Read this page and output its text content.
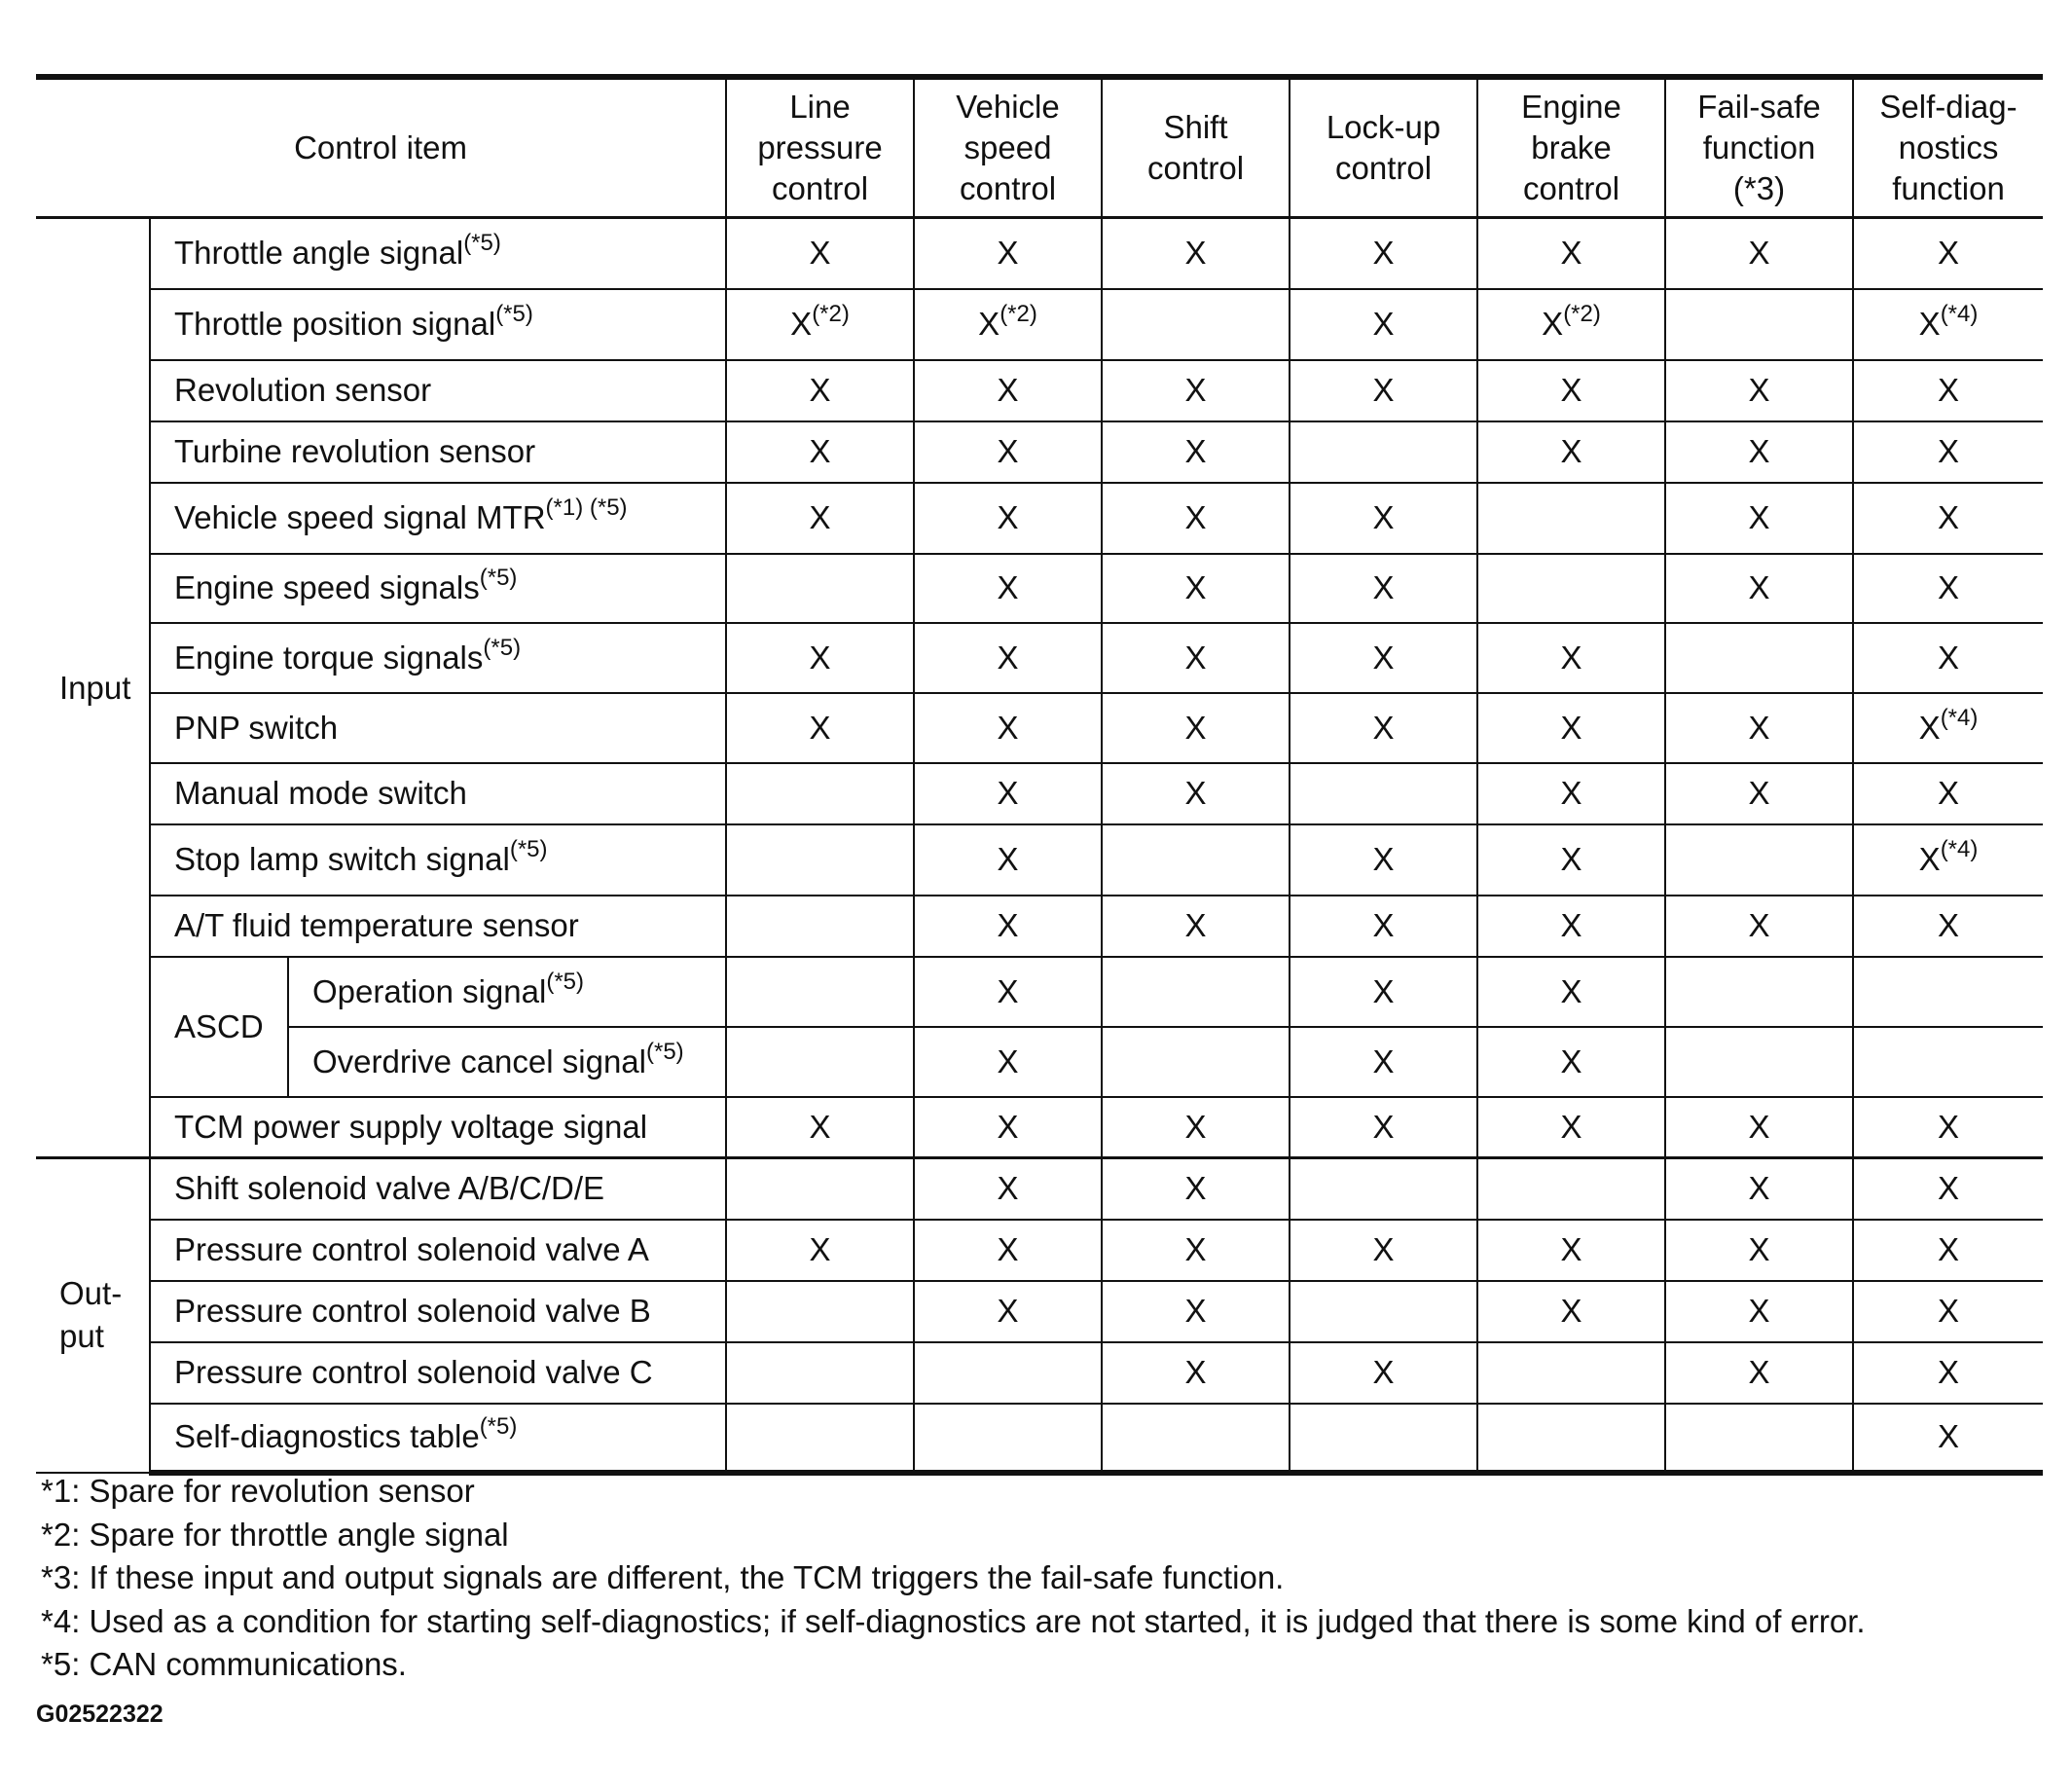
Control item			Line
pressure
control	Vehicle
speed
control	Shift
control	Lock-up
control	Engine
brake
control	Fail-safe
function
(*3)	Self-diag-
nostics
function
Input	Throttle angle signal$^{(*5)}$		X	X	X	X	X	X	X
	Throttle position signal$^{(*5)}$		$X^{(*2)}$	$X^{(*2)}$		X	$X^{(*2)}$		$X^{(*4)}$
	Revolution sensor		X	X	X	X	X	X	X
	Turbine revolution sensor		X	X	X		X	X	X
	Vehicle speed signal $MTR^{(*1) (*5)}$		X	X	X	X		X	X
	Engine speed signals$^{(*5)}$			X	X	X		X	X
	Engine torque signals$^{(*5)}$		X	X	X	X	X		X
	PNP switch		X	X	X	X	X	X	$X^{(*4)}$
	Manual mode switch			X	X		X	X	X
	Stop lamp switch signal$^{(*5)}$			X		X	X		$X^{(*4)}$
	A/T fluid temperature sensor			X	X	X	X	X	X
	ASCD	Operation signal$^{(*5)}$		X		X	X		
		Overdrive cancel signal$^{(*5)}$		X		X	X		
	TCM power supply voltage signal		X	X	X	X	X	X	X
Out-
put	Shift solenoid valve A/B/C/D/E			X	X			X	X
	Pressure control solenoid valve A		X	X	X	X	X	X	X
	Pressure control solenoid valve B			X	X		X	X	X
	Pressure control solenoid valve C				X	X		X	X
	Self-diagnostics table$^{(*5)}$								X
*1: Spare for revolution sensor
*2: Spare for throttle angle signal
*3: If these input and output signals are different, the TCM triggers the fail-safe function.
*4: Used as a condition for starting self-diagnostics; if self-diagnostics are not started, it is judged that there is some kind of error.
*5: CAN communications.
G02522322
